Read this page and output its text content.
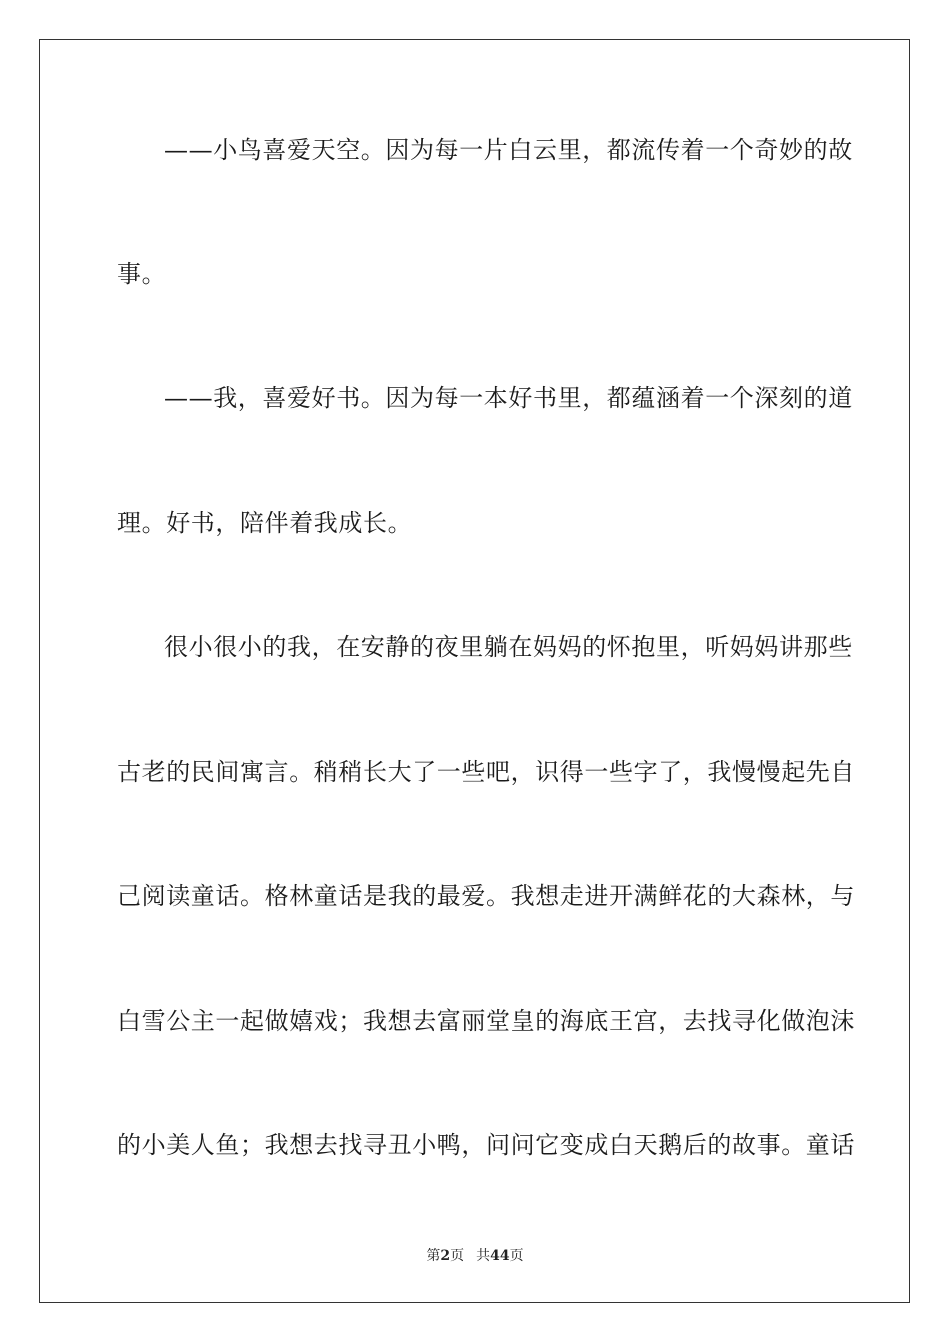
——小鸟喜爱天空。因为每一片白云里，都流传着一个奇妙的故
事。
——我，喜爱好书。因为每一本好书里，都蕴涵着一个深刻的道
理。好书，陪伴着我成长。
很小很小的我，在安静的夜里躺在妈妈的怀抱里，听妈妈讲那些
古老的民间寓言。稍稍长大了一些吧，识得一些字了，我慢慢起先自
己阅读童话。格林童话是我的最爱。我想走进开满鲜花的大森林，与
白雪公主一起做嬉戏；我想去富丽堂皇的海底王宫，去找寻化做泡沫
的小美人鱼；我想去找寻丑小鸭，问问它变成白天鹅后的故事。童话
第2页 共44页
